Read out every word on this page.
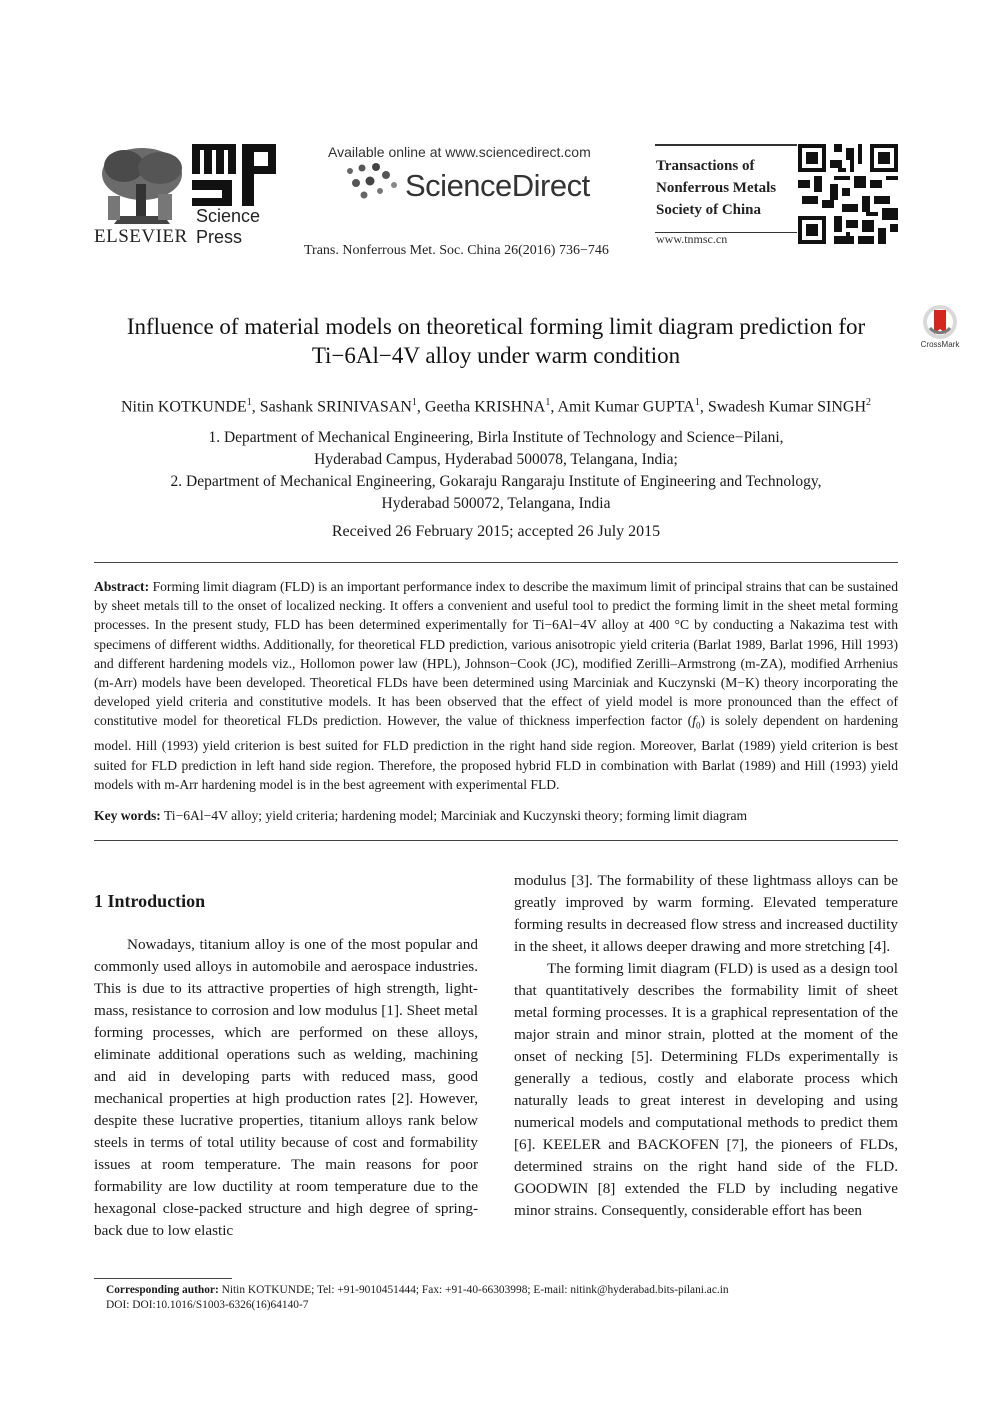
ELSEVIER
Science Press
Available online at www.sciencedirect.com
ScienceDirect
Trans. Nonferrous Met. Soc. China 26(2016) 736−746
Transactions of
Nonferrous Metals
Society of China
www.tnmsc.cn
CrossMark
Influence of material models on theoretical forming limit diagram prediction for
Ti−6Al−4V alloy under warm condition
Nitin KOTKUNDE$^1$, Sashank SRINIVASAN$^1$, Geetha KRISHNA$^1$, Amit Kumar GUPTA$^1$, Swadesh Kumar SINGH$^2$
1. Department of Mechanical Engineering, Birla Institute of Technology and Science−Pilani,
Hyderabad Campus, Hyderabad 500078, Telangana, India;
2. Department of Mechanical Engineering, Gokaraju Rangaraju Institute of Engineering and Technology,
Hyderabad 500072, Telangana, India
Received 26 February 2015; accepted 26 July 2015
Abstract: Forming limit diagram (FLD) is an important performance index to describe the maximum limit of principal strains that can be sustained by sheet metals till to the onset of localized necking. It offers a convenient and useful tool to predict the forming limit in the sheet metal forming processes. In the present study, FLD has been determined experimentally for Ti−6Al−4V alloy at 400 °C by conducting a Nakazima test with specimens of different widths. Additionally, for theoretical FLD prediction, various anisotropic yield criteria (Barlat 1989, Barlat 1996, Hill 1993) and different hardening models viz., Hollomon power law (HPL), Johnson−Cook (JC), modified Zerilli–Armstrong (m-ZA), modified Arrhenius (m-Arr) models have been developed. Theoretical FLDs have been determined using Marciniak and Kuczynski (M−K) theory incorporating the developed yield criteria and constitutive models. It has been observed that the effect of yield model is more pronounced than the effect of constitutive model for theoretical FLDs prediction. However, the value of thickness imperfection factor $(f_0)$ is solely dependent on hardening model. Hill (1993) yield criterion is best suited for FLD prediction in the right hand side region. Moreover, Barlat (1989) yield criterion is best suited for FLD prediction in left hand side region. Therefore, the proposed hybrid FLD in combination with Barlat (1989) and Hill (1993) yield models with m-Arr hardening model is in the best agreement with experimental FLD.
Key words: Ti−6Al−4V alloy; yield criteria; hardening model; Marciniak and Kuczynski theory; forming limit diagram
1 Introduction

Nowadays, titanium alloy is one of the most popular and commonly used alloys in automobile and aerospace industries. This is due to its attractive properties of high strength, light-mass, resistance to corrosion and low modulus [1]. Sheet metal forming processes, which are performed on these alloys, eliminate additional operations such as welding, machining and aid in developing parts with reduced mass, good mechanical properties at high production rates [2]. However, despite these lucrative properties, titanium alloys rank below steels in terms of total utility because of cost and formability issues at room temperature. The main reasons for poor formability are low ductility at room temperature due to the hexagonal close-packed structure and high degree of spring-back due to low elastic

modulus [3]. The formability of these lightmass alloys can be greatly improved by warm forming. Elevated temperature forming results in decreased flow stress and increased ductility in the sheet, it allows deeper drawing and more stretching [4].

The forming limit diagram (FLD) is used as a design tool that quantitatively describes the formability limit of sheet metal forming processes. It is a graphical representation of the major strain and minor strain, plotted at the moment of the onset of necking [5]. Determining FLDs experimentally is generally a tedious, costly and elaborate process which naturally leads to great interest in developing and using numerical models and computational methods to predict them [6]. KEELER and BACKOFEN [7], the pioneers of FLDs, determined strains on the right hand side of the FLD. GOODWIN [8] extended the FLD by including negative minor strains. Consequently, considerable effort has been

Corresponding author: Nitin KOTKUNDE; Tel: +91-9010451444; Fax: +91-40-66303998; E-mail: nitink@hyderabad.bits-pilani.ac.in
DOI: DOI:10.1016/S1003-6326(16)64140-7
